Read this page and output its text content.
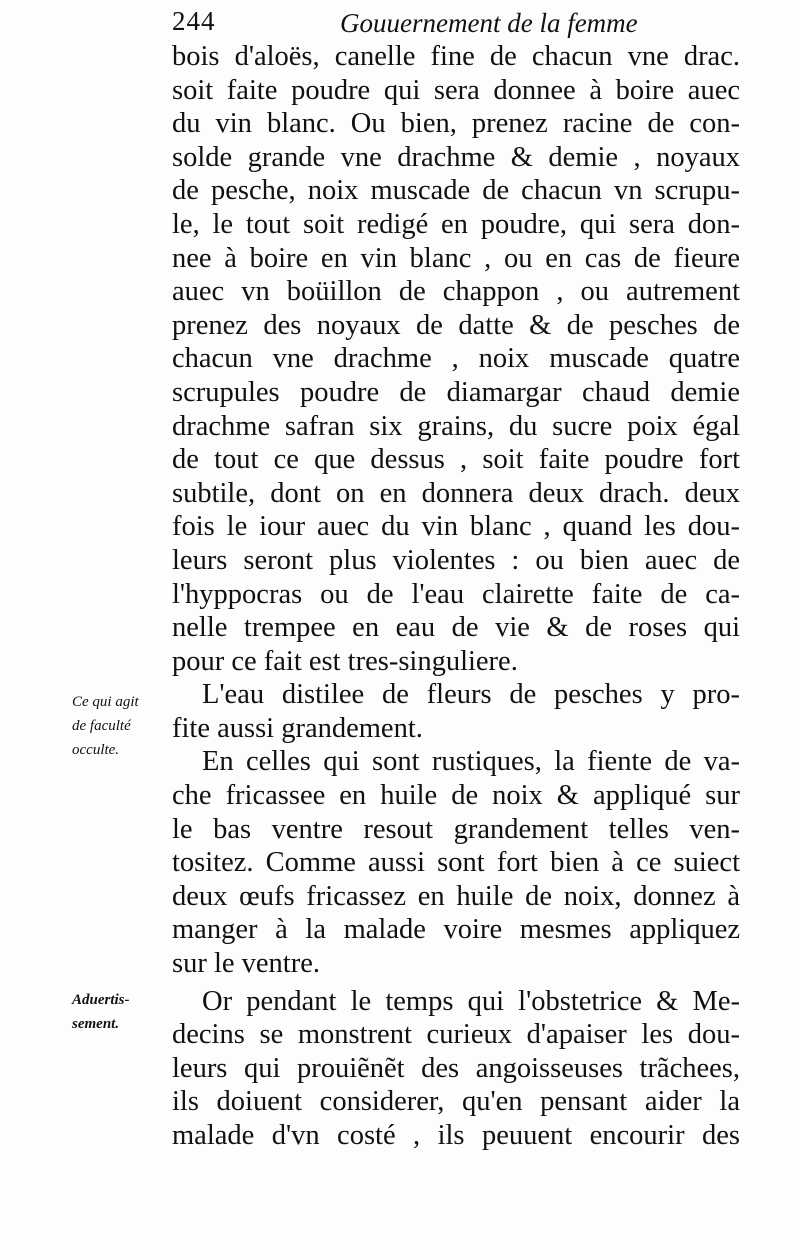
244	Gouuernement de la femme
bois d'aloës, canelle fine de chacun vne drac.
soit faite poudre qui sera donnee à boire auec
du vin blanc. Ou bien, prenez racine de con-
solde grande vne drachme & demie , noyaux
de pesche, noix muscade de chacun vn scrupu-
le, le tout soit redigé en poudre, qui sera don-
nee à boire en vin blanc , ou en cas de fieure
auec vn boüillon de chappon , ou autrement
prenez des noyaux de datte & de pesches de
chacun vne drachme , noix muscade quatre
scrupules poudre de diamargar chaud demie
drachme safran six grains, du sucre poix égal
de tout ce que dessus , soit faite poudre fort
subtile, dont on en donnera deux drach. deux
fois le iour auec du vin blanc , quand les dou-
leurs seront plus violentes : ou bien auec de
l'hyppocras ou de l'eau clairette faite de ca-
nelle trempee en eau de vie & de roses qui
pour ce fait est tres-singuliere.
L'eau distilee de fleurs de pesches y pro-
fite aussi grandement.
En celles qui sont rustiques, la fiente de va-
che fricassee en huile de noix & appliqué sur
le bas ventre resout grandement telles ven-
tositez. Comme aussi sont fort bien à ce suiect
deux œufs fricassez en huile de noix, donnez à
manger à la malade voire mesmes appliquez
sur le ventre.
Or pendant le temps qui l'obstetrice & Me-
decins se monstrent curieux d'apaiser les dou-
leurs qui prouiẽnẽt des angoisseuses trãchees,
ils doiuent considerer, qu'en pensant aider la
malade d'vn costé , ils peuuent encourir des
Ce qui agit
de faculté
occulte.
Aduertis-
sement.
